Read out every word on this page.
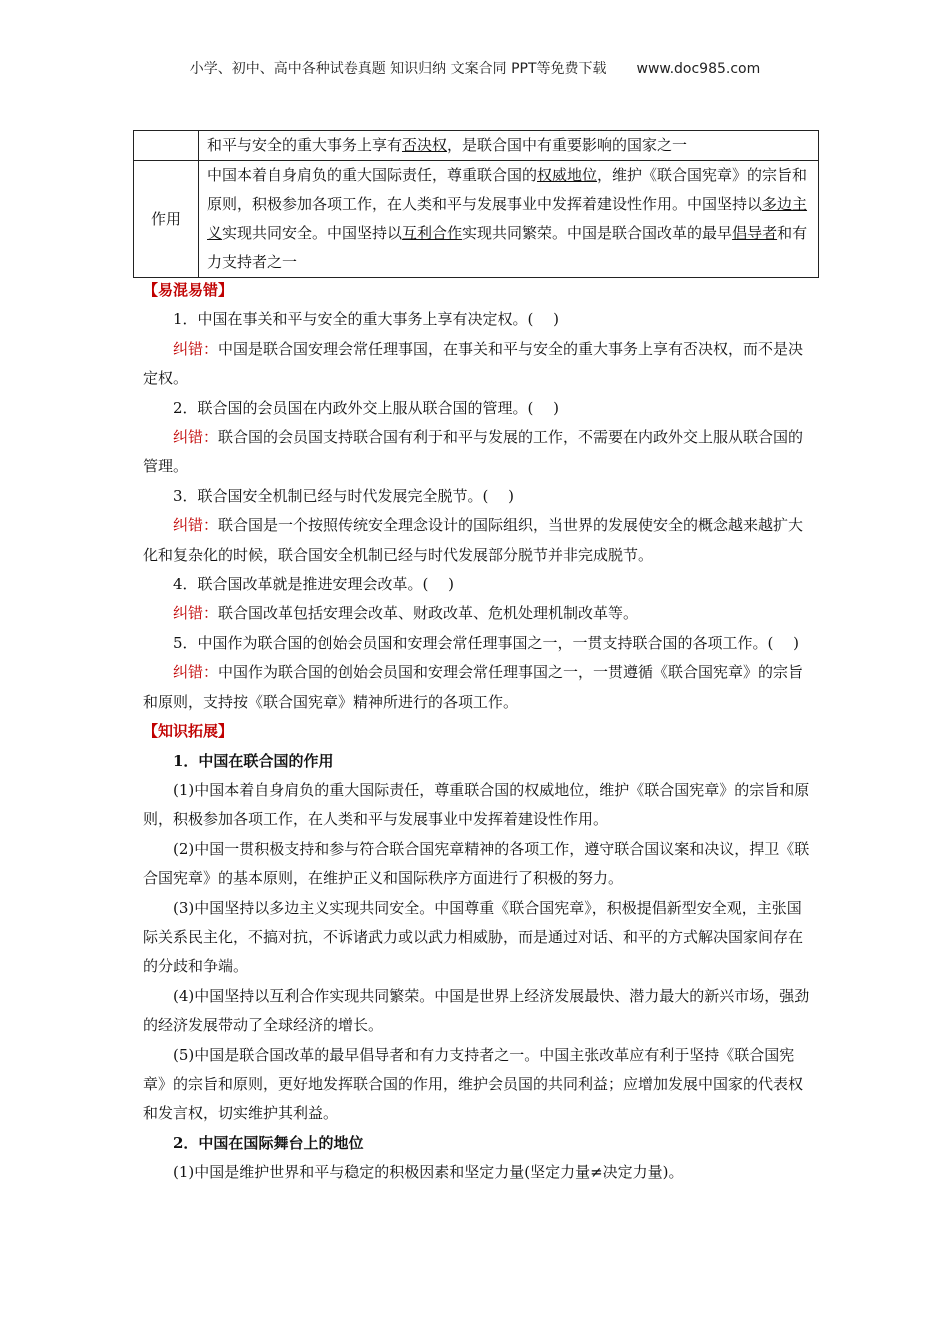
小学、初中、高中各种试卷真题 知识归纳 文案合同 PPT等免费下载 www.doc985.com
	和平与安全的重大事务上享有否决权，是联合国中有重要影响的国家之一
作用	中国本着自身肩负的重大国际责任，尊重联合国的权威地位，维护《联合国宪章》的宗旨和原则，积极参加各项工作，在人类和平与发展事业中发挥着建设性作用。中国坚持以多边主义实现共同安全。中国坚持以互利合作实现共同繁荣。中国是联合国改革的最早倡导者和有力支持者之一

【易混易错】

1．中国在事关和平与安全的重大事务上享有决定权。(　 )

纠错：中国是联合国安理会常任理事国，在事关和平与安全的重大事务上享有否决权，而不是决定权。

2．联合国的会员国在内政外交上服从联合国的管理。(　 )

纠错：联合国的会员国支持联合国有利于和平与发展的工作，不需要在内政外交上服从联合国的管理。

3．联合国安全机制已经与时代发展完全脱节。(　 )

纠错：联合国是一个按照传统安全理念设计的国际组织，当世界的发展使安全的概念越来越扩大化和复杂化的时候，联合国安全机制已经与时代发展部分脱节并非完成脱节。

4．联合国改革就是推进安理会改革。(　 )

纠错：联合国改革包括安理会改革、财政改革、危机处理机制改革等。

5．中国作为联合国的创始会员国和安理会常任理事国之一，一贯支持联合国的各项工作。(　 )

纠错：中国作为联合国的创始会员国和安理会常任理事国之一，一贯遵循《联合国宪章》的宗旨和原则，支持按《联合国宪章》精神所进行的各项工作。

【知识拓展】

1．中国在联合国的作用

(1)中国本着自身肩负的重大国际责任，尊重联合国的权威地位，维护《联合国宪章》的宗旨和原则，积极参加各项工作，在人类和平与发展事业中发挥着建设性作用。

(2)中国一贯积极支持和参与符合联合国宪章精神的各项工作，遵守联合国议案和决议，捍卫《联合国宪章》的基本原则，在维护正义和国际秩序方面进行了积极的努力。

(3)中国坚持以多边主义实现共同安全。中国尊重《联合国宪章》，积极提倡新型安全观，主张国际关系民主化，不搞对抗，不诉诸武力或以武力相威胁，而是通过对话、和平的方式解决国家间存在的分歧和争端。

(4)中国坚持以互利合作实现共同繁荣。中国是世界上经济发展最快、潜力最大的新兴市场，强劲的经济发展带动了全球经济的增长。

(5)中国是联合国改革的最早倡导者和有力支持者之一。中国主张改革应有利于坚持《联合国宪章》的宗旨和原则，更好地发挥联合国的作用，维护会员国的共同利益；应增加发展中国家的代表权和发言权，切实维护其利益。

2．中国在国际舞台上的地位

(1)中国是维护世界和平与稳定的积极因素和坚定力量(坚定力量≠决定力量)。
